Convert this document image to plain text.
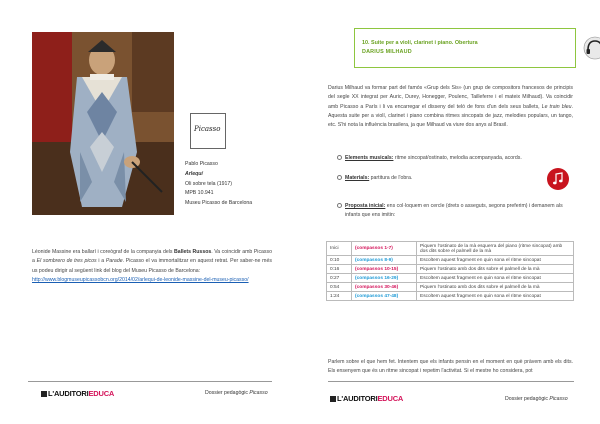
Picasso
Pablo Picasso
Arlequí
Oli sobre tela (1917)
MPB 10.941
Museu Picasso de Barcelona
Léonide Massine era ballarí i coreògraf de la companyia dels Ballets Russos. Va coincidir amb Picasso a El sombrero de tres picos i a Parade. Picasso el va immortalitzar en aquest retrat. Per saber-ne més us podeu dirigir al següent link del blog del Museu Picasso de Barcelona:
http://www.blogmuseupicassobcn.org/2014/02/arlequi-de-leonide-massine-del-museu-picasso/
L'AUDITORIEDUCA	Dossier pedagògic Picasso
10. Suite per a violí, clarinet i piano. Obertura
DARIUS MILHAUD
Darius Milhaud va formar part del famós «Grup dels Sis» (un grup de compositors francesos de principis del segle XX integrat per Auric, Durey, Honegger, Poulenc, Tailleferre i el mateix Milhaud). Va coincidir amb Picasso a París i li va encarregar el disseny del teló de fons d'un dels seus ballets, Le train bleu. Aquesta suite per a violí, clarinet i piano combina ritmes sincopats de jazz, melodies populars, un tango, etc. S'hi nota la influència brasilera, ja que Milhaud va viure dos anys al Brasil.
Elements musicals: ritme sincopat/ostinato, melodia acompanyada, acords.
Materials: partitura de l'obra.
Proposta inicial: ens col·loquem en cercle (drets o asseguts, segons preferim) i demanem als infants que ens imitin:
Inici	(compassos 1-7)	Piquem l'ostinato de la mà esquerra del piano (ritme sincopat) amb dos dits sobre el palmell de la mà
0:10	(compassos 8-9)	Escoltem aquest fragment en quin sona el ritme sincopat
0:16	(compassos 10-15)	Piquem l'ostinato amb dos dits sobre el palmell de la mà
0:27	(compassos 16-29)	Escoltem aquest fragment en quin sona el ritme sincopat
0:54	(compassos 30-46)	Piquem l'ostinato amb dos dits sobre el palmell de la mà
1:24	(compassos 47-48)	Escoltem aquest fragment en quin sona el ritme sincopat
Parlem sobre el que hem fet. Intentem que els infants pensin en el moment en què pràvem amb els dits. Els ensenyem que és un ritme sincopat i repetim l'activitat. Si el mestre ho considera, pot
L'AUDITORIEDUCA	Dossier pedagògic Picasso
